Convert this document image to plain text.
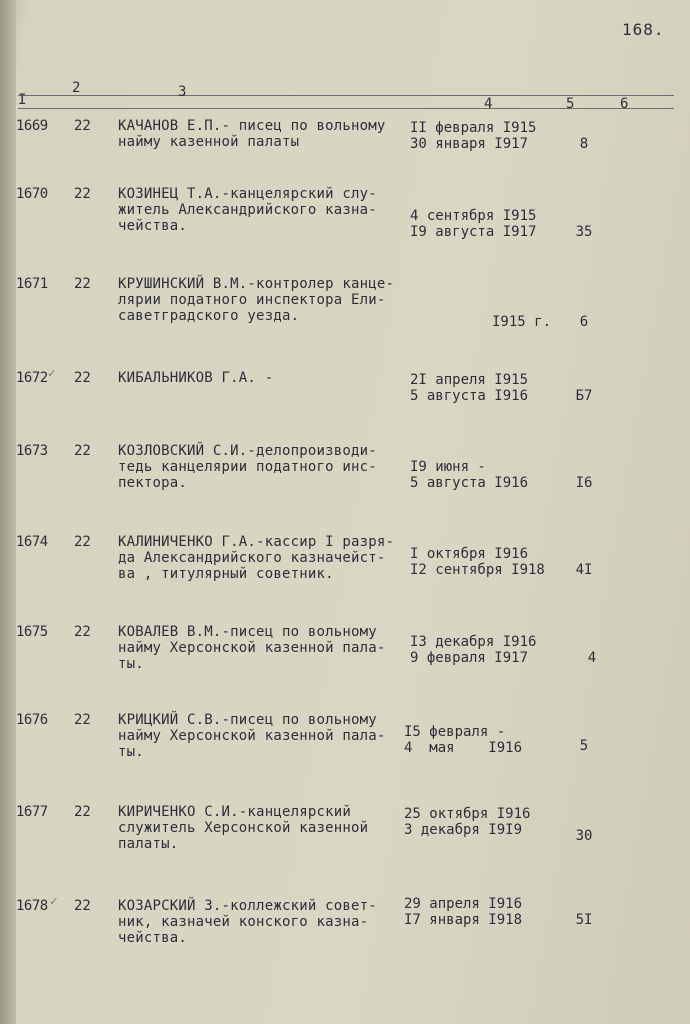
168.
I
2	3
4	5	6
1669 22 КАЧАНОВ Е.П.- писец по вольному
найму казенной палаты
II февраля I915
30 января I917	8
1670 22 КОЗИНЕЦ Т.А.-канцелярский слу-
житель Александрийского казна-
чейства.
4 сентября I915
I9 августа I917	35
1671 22 КРУШИНСКИЙ В.М.-контролер канце-
лярии податного инспектора Ели-
саветградского уезда.	I915 г.	6
1672 ✓ 22 КИБАЛЬНИКОВ Г.А. -	2I апреля I915
5 августа I916	Б7
1673 22 КОЗЛОВСКИЙ С.И.-делопроизводи-
тедь канцелярии податного инс-
пектора.
I9 июня -
5 августа I916	I6
1674 22 КАЛИНИЧЕНКО Г.А.-кассир I разря-
да Александрийского казначейст-
ва , титулярный советник.
I октября I916
I2 сентября I918	4I
1675 22 КОВАЛЕВ В.М.-писец по вольному
найму Херсонской казенной пала-
ты.
I3 декабря I916
9 февраля I917	4
1676 22 КРИЦКИЙ С.В.-писец по вольному
найму Херсонской казенной пала-
ты.
I5 февраля -
4  мая    I916	5
1677 22 КИРИЧЕНКО С.И.-канцелярский
служитель Херсонской казенной
палаты.
25 октября I916
3 декабря I9I9	30
1678 ✓ 22 КОЗАРСКИЙ З.-коллежский совет-
ник, казначей конского казна-
чейства.
29 апреля I916
I7 января I918	5I
